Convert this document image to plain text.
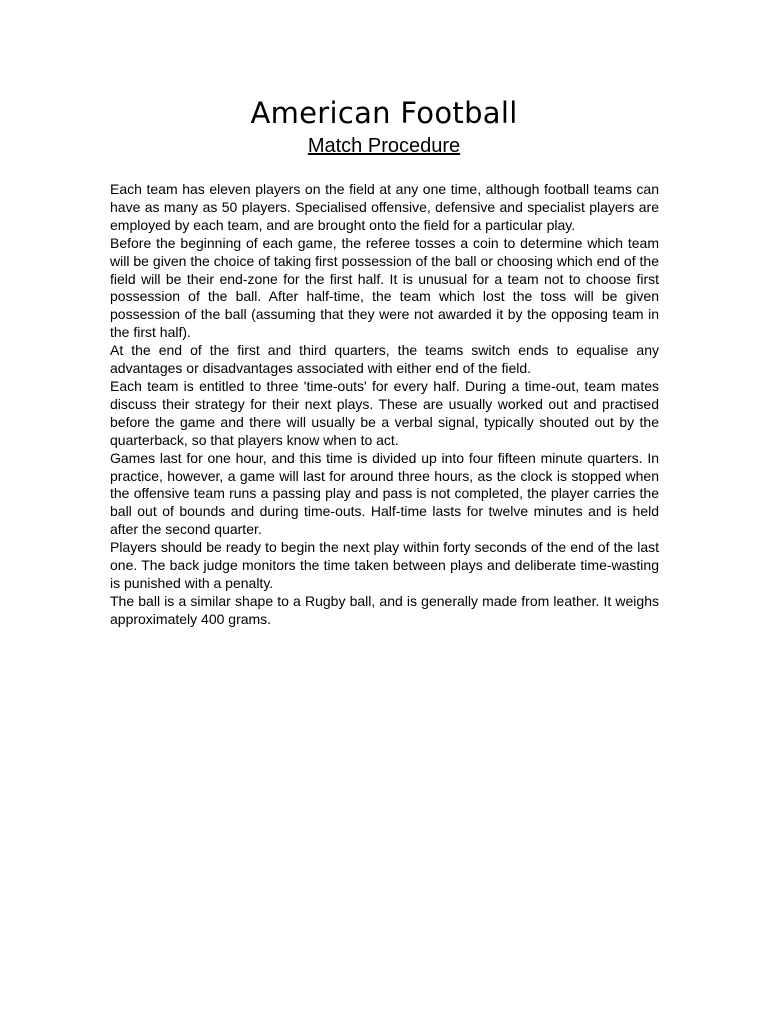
American Football
Match Procedure

Each team has eleven players on the field at any one time, although football teams can have as many as 50 players. Specialised offensive, defensive and specialist players are employed by each team, and are brought onto the field for a particular play.

Before the beginning of each game, the referee tosses a coin to determine which team will be given the choice of taking first possession of the ball or choosing which end of the field will be their end-zone for the first half. It is unusual for a team not to choose first possession of the ball. After half-time, the team which lost the toss will be given possession of the ball (assuming that they were not awarded it by the opposing team in the first half).

At the end of the first and third quarters, the teams switch ends to equalise any advantages or disadvantages associated with either end of the field.

Each team is entitled to three 'time-outs' for every half. During a time-out, team mates discuss their strategy for their next plays. These are usually worked out and practised before the game and there will usually be a verbal signal, typically shouted out by the quarterback, so that players know when to act.

Games last for one hour, and this time is divided up into four fifteen minute quarters. In practice, however, a game will last for around three hours, as the clock is stopped when the offensive team runs a passing play and pass is not completed, the player carries the ball out of bounds and during time-outs. Half-time lasts for twelve minutes and is held after the second quarter.

Players should be ready to begin the next play within forty seconds of the end of the last one. The back judge monitors the time taken between plays and deliberate time-wasting is punished with a penalty.

The ball is a similar shape to a Rugby ball, and is generally made from leather. It weighs approximately 400 grams.
